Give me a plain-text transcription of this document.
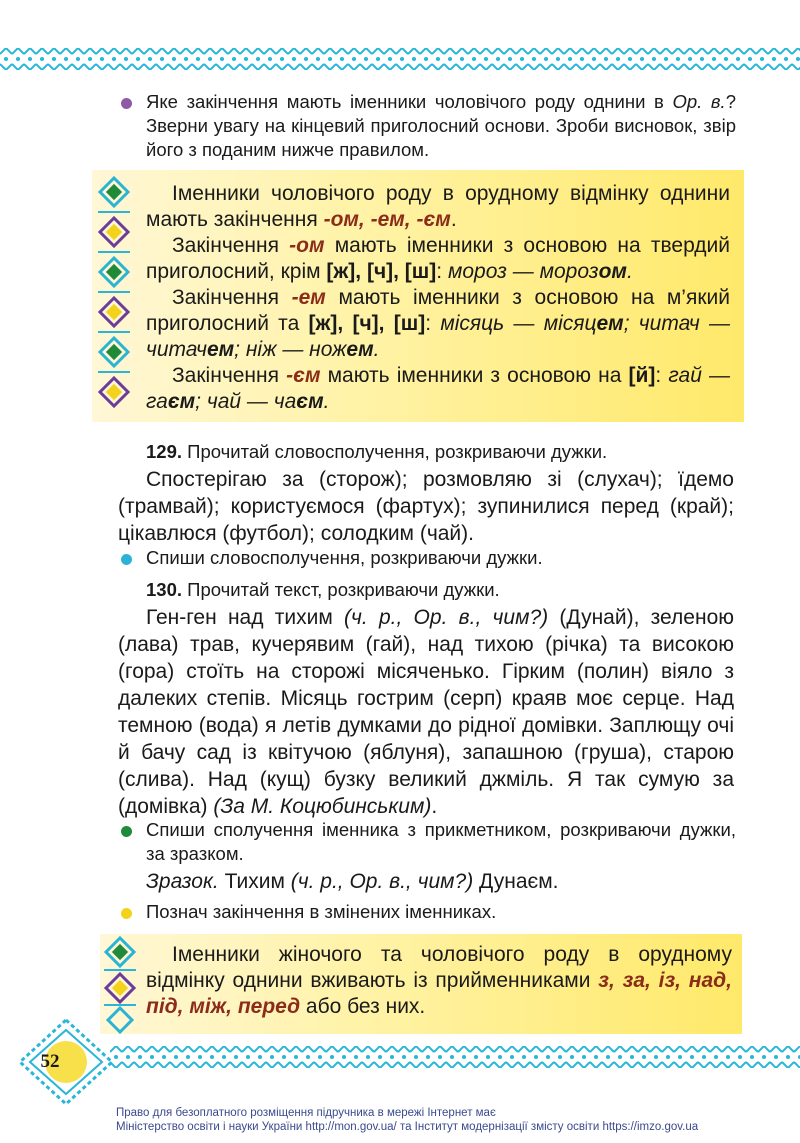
Яке закінчення мають іменники чоловічого роду однини в Ор. в.? Зверни увагу на кінцевий приголосний основи. Зроби висновок, звір його з поданим нижче правилом.

Іменники чоловічого роду в орудному відмінку однини мають закінчення -ом, -ем, -єм.
Закінчення -ом мають іменники з основою на твердий приголосний, крім [ж], [ч], [ш]: мороз — морозом.
Закінчення -ем мають іменники з основою на м’який приголосний та [ж], [ч], [ш]: місяць — місяцем; читач — читачем; ніж — ножем.
Закінчення -єм мають іменники з основою на [й]: гай — гаєм; чай — чаєм.

129. Прочитай словосполучення, розкриваючи дужки.

Спостерігаю за (сторож); розмовляю зі (слухач); їдемо (трамвай); користуємося (фартух); зупинилися перед (край); цікавлюся (футбол); солодким (чай).

Спиши словосполучення, розкриваючи дужки.

130. Прочитай текст, розкриваючи дужки.

Ген-ген над тихим (ч. р., Ор. в., чим?) (Дунай), зеленою (лава) трав, кучерявим (гай), над тихою (річка) та високою (гора) стоїть на сторожі місяченько. Гірким (полин) віяло з далеких степів. Місяць гострим (серп) краяв моє серце. Над темною (вода) я летів думками до рідної домівки. Заплющу очі й бачу сад із квітучою (яблуня), запашною (груша), старою (слива). Над (кущ) бузку великий джміль. Я так сумую за (домівка) (За М. Коцюбинським).

Спиши сполучення іменника з прикметником, розкриваючи дужки, за зразком.

Зразок. Тихим (ч. р., Ор. в., чим?) Дунаєм.

Познач закінчення в змінених іменниках.

Іменники жіночого та чоловічого роду в орудному відмінку однини вживають із прийменниками з, за, із, над, під, між, перед або без них.

52
Право для безоплатного розміщення підручника в мережі Інтернет має
Міністерство освіти і науки України http://mon.gov.ua/ та Інститут модернізації змісту освіти https://imzo.gov.ua
